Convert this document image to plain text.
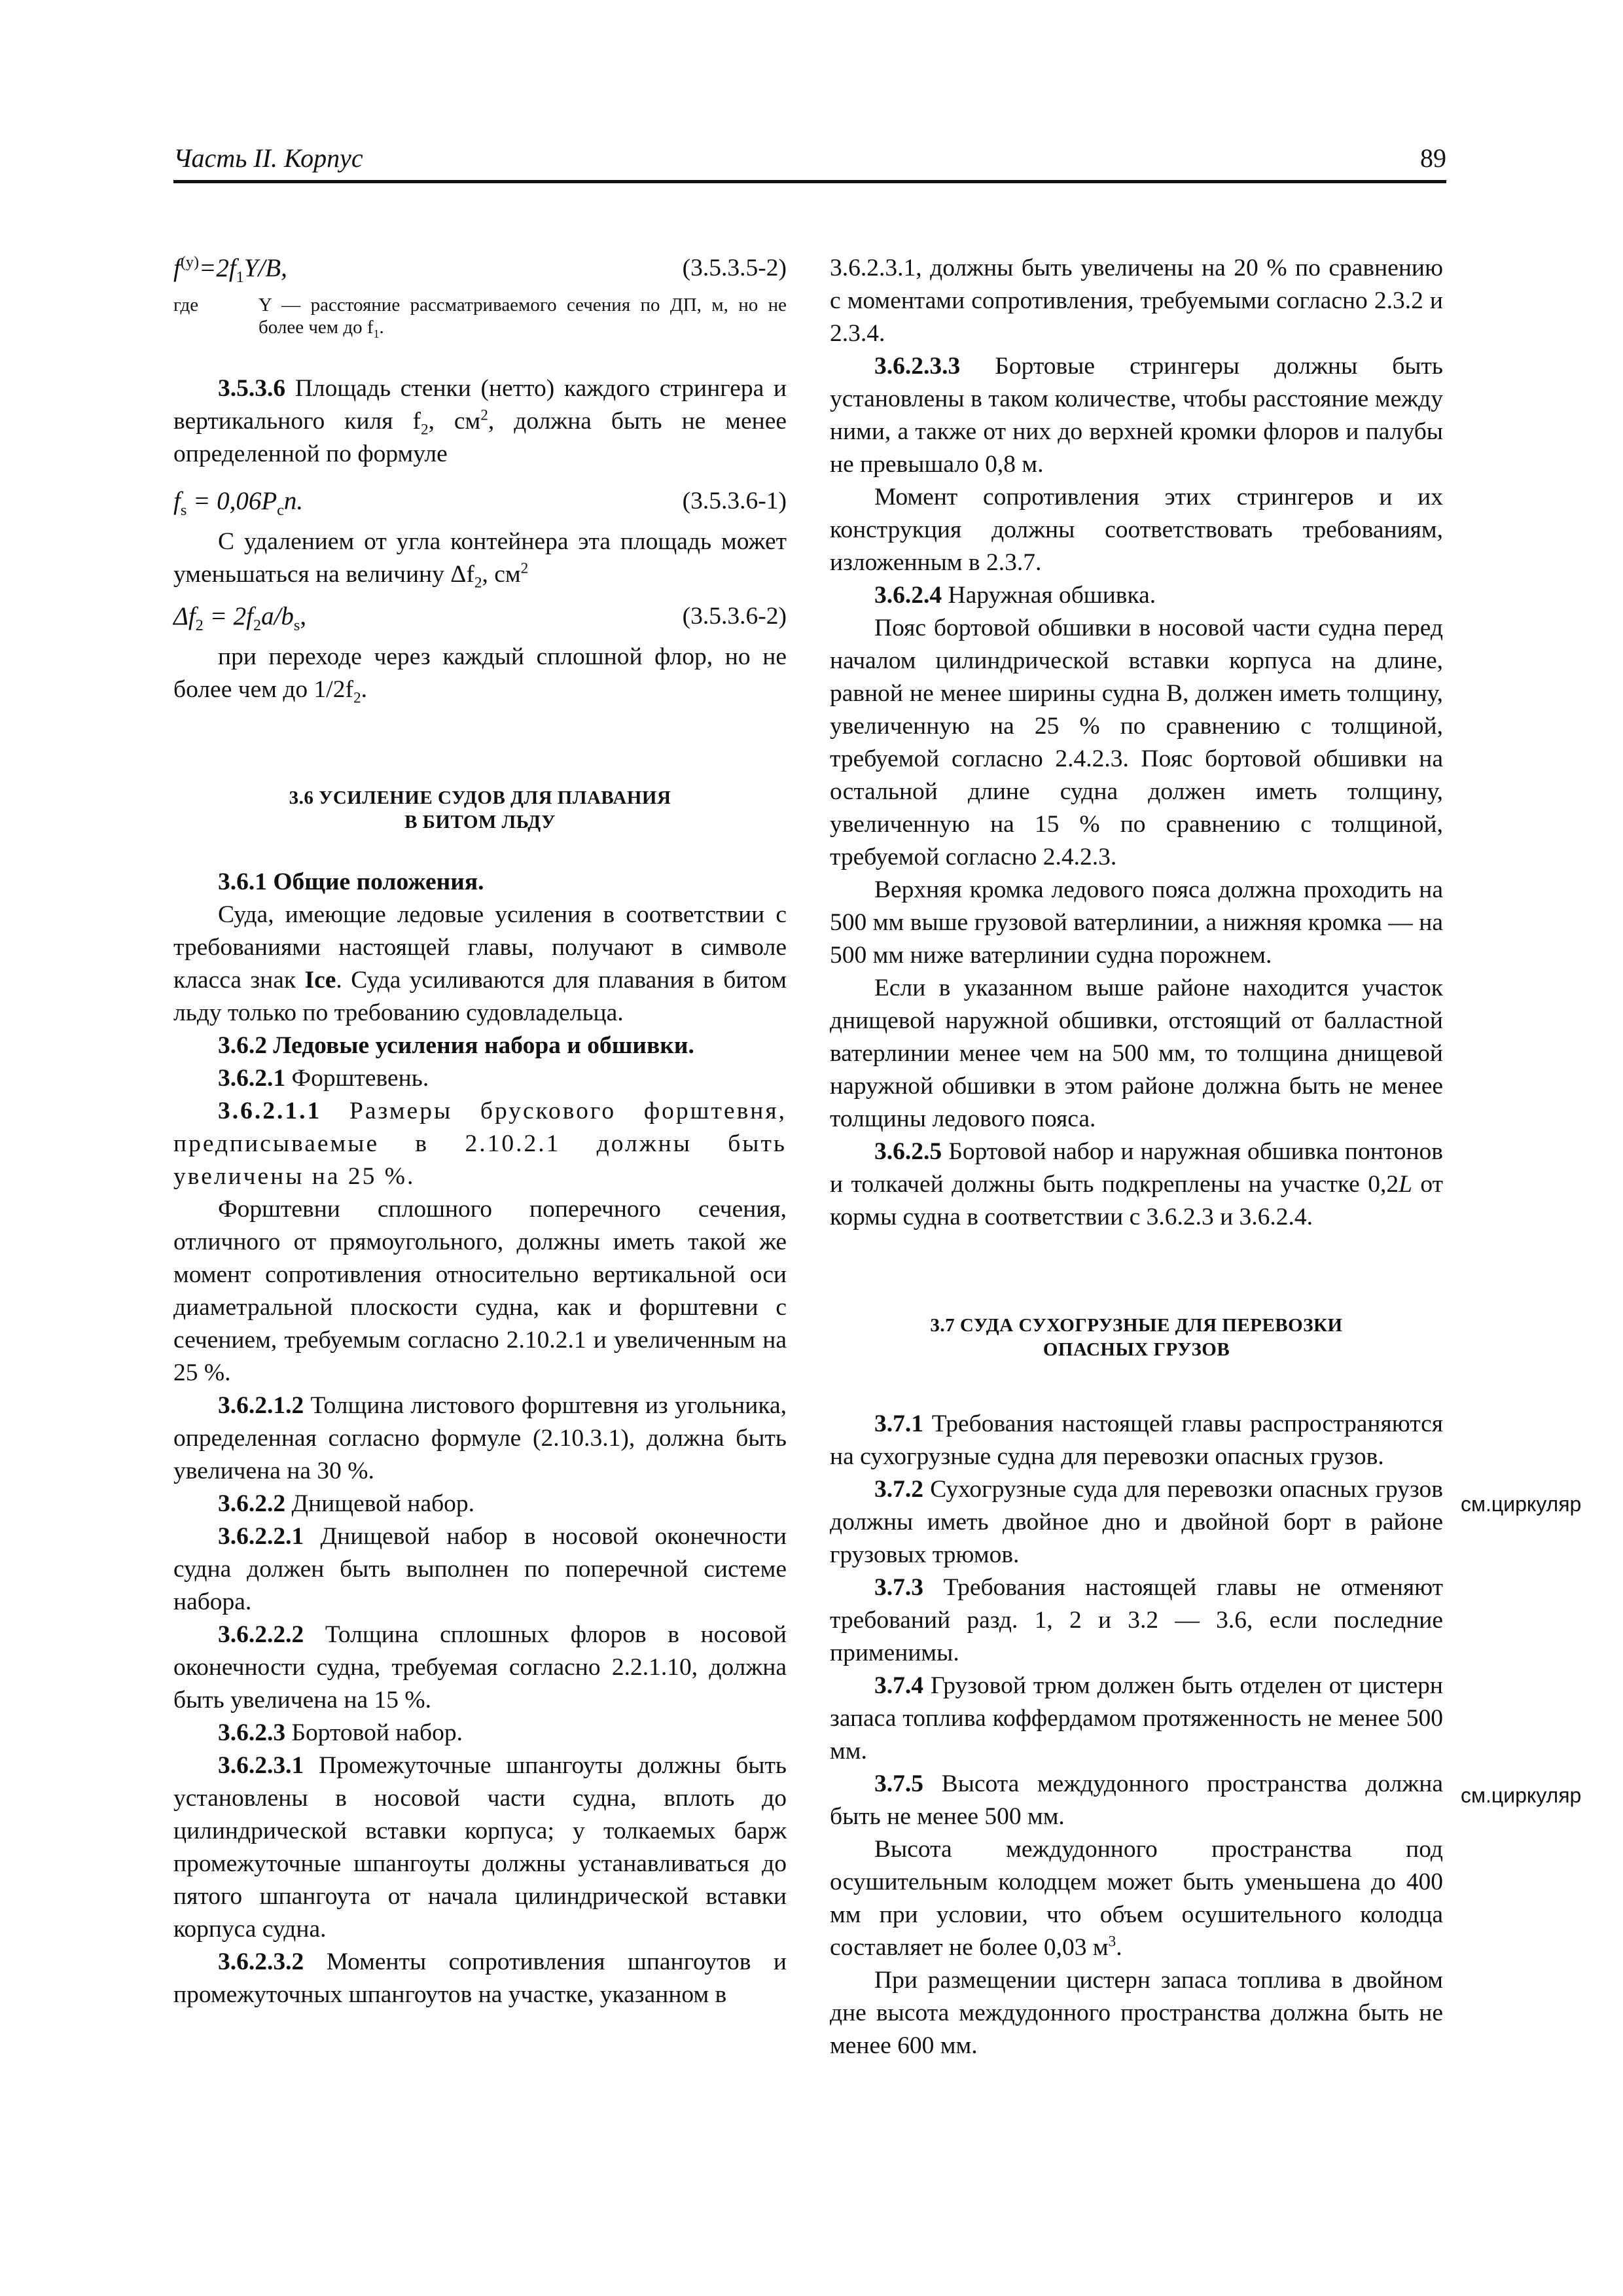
Часть II. Корпус	89
$f^{(y)}=2f_1Y/B$,	(3.5.3.5-2)
где	Y — расстояние рассматриваемого сечения по ДП, м, но не более чем до $f_1$.

3.5.3.6 Площадь стенки (нетто) каждого стрингера и вертикального киля $f_2$, $см^2$, должна быть не менее определенной по формуле

$f_s = 0,06P_cn$.	(3.5.3.6-1)

С удалением от угла контейнера эта площадь может уменьшаться на величину $\Delta f_2$, $см^2$

$\Delta f_2 = 2f_2a/b_s$,	(3.5.3.6-2)

при переходе через каждый сплошной флор, но не более чем до $1/2f_2$.

3.6 УСИЛЕНИЕ СУДОВ ДЛЯ ПЛАВАНИЯ
В БИТОМ ЛЬДУ

3.6.1 Общие положения.

Суда, имеющие ледовые усиления в соответствии с требованиями настоящей главы, получают в символе класса знак Ice. Суда усиливаются для плавания в битом льду только по требованию судовладельца.

3.6.2 Ледовые усиления набора и обшивки.

3.6.2.1 Форштевень.

3.6.2.1.1 Размеры брускового форштевня, предписываемые в 2.10.2.1 должны быть увеличены на 25 %.

Форштевни сплошного поперечного сечения, отличного от прямоугольного, должны иметь такой же момент сопротивления относительно вертикальной оси диаметральной плоскости судна, как и форштевни с сечением, требуемым согласно 2.10.2.1 и увеличенным на 25 %.

3.6.2.1.2 Толщина листового форштевня из угольника, определенная согласно формуле (2.10.3.1), должна быть увеличена на 30 %.

3.6.2.2 Днищевой набор.

3.6.2.2.1 Днищевой набор в носовой оконечности судна должен быть выполнен по поперечной системе набора.

3.6.2.2.2 Толщина сплошных флоров в носовой оконечности судна, требуемая согласно 2.2.1.10, должна быть увеличена на 15 %.

3.6.2.3 Бортовой набор.

3.6.2.3.1 Промежуточные шпангоуты должны быть установлены в носовой части судна, вплоть до цилиндрической вставки корпуса; у толкаемых барж промежуточные шпангоуты должны устанавливаться до пятого шпангоута от начала цилиндрической вставки корпуса судна.

3.6.2.3.2 Моменты сопротивления шпангоутов и промежуточных шпангоутов на участке, указанном в

3.6.2.3.1, должны быть увеличены на 20 % по сравнению с моментами сопротивления, требуемыми согласно 2.3.2 и 2.3.4.

3.6.2.3.3 Бортовые стрингеры должны быть установлены в таком количестве, чтобы расстояние между ними, а также от них до верхней кромки флоров и палубы не превышало 0,8 м.

Момент сопротивления этих стрингеров и их конструкция должны соответствовать требованиям, изложенным в 2.3.7.

3.6.2.4 Наружная обшивка.

Пояс бортовой обшивки в носовой части судна перед началом цилиндрической вставки корпуса на длине, равной не менее ширины судна B, должен иметь толщину, увеличенную на 25 % по сравнению с толщиной, требуемой согласно 2.4.2.3. Пояс бортовой обшивки на остальной длине судна должен иметь толщину, увеличенную на 15 % по сравнению с толщиной, требуемой согласно 2.4.2.3.

Верхняя кромка ледового пояса должна проходить на 500 мм выше грузовой ватерлинии, а нижняя кромка — на 500 мм ниже ватерлинии судна порожнем.

Если в указанном выше районе находится участок днищевой наружной обшивки, отстоящий от балластной ватерлинии менее чем на 500 мм, то толщина днищевой наружной обшивки в этом районе должна быть не менее толщины ледового пояса.

3.6.2.5 Бортовой набор и наружная обшивка понтонов и толкачей должны быть подкреплены на участке 0,2L от кормы судна в соответствии с 3.6.2.3 и 3.6.2.4.

3.7 СУДА СУХОГРУЗНЫЕ ДЛЯ ПЕРЕВОЗКИ
ОПАСНЫХ ГРУЗОВ

3.7.1 Требования настоящей главы распространяются на сухогрузные судна для перевозки опасных грузов.

3.7.2 Сухогрузные суда для перевозки опасных грузов должны иметь двойное дно и двойной борт в районе грузовых трюмов.

3.7.3 Требования настоящей главы не отменяют требований разд. 1, 2 и 3.2 — 3.6, если последние применимы.

3.7.4 Грузовой трюм должен быть отделен от цистерн запаса топлива коффердамом протяженность не менее 500 мм.

3.7.5 Высота междудонного пространства должна быть не менее 500 мм.

Высота междудонного пространства под осушительным колодцем может быть уменьшена до 400 мм при условии, что объем осушительного колодца составляет не более 0,03 $м^3$.

При размещении цистерн запаса топлива в двойном дне высота междудонного пространства должна быть не менее 600 мм.

см.циркуляр
см.циркуляр
